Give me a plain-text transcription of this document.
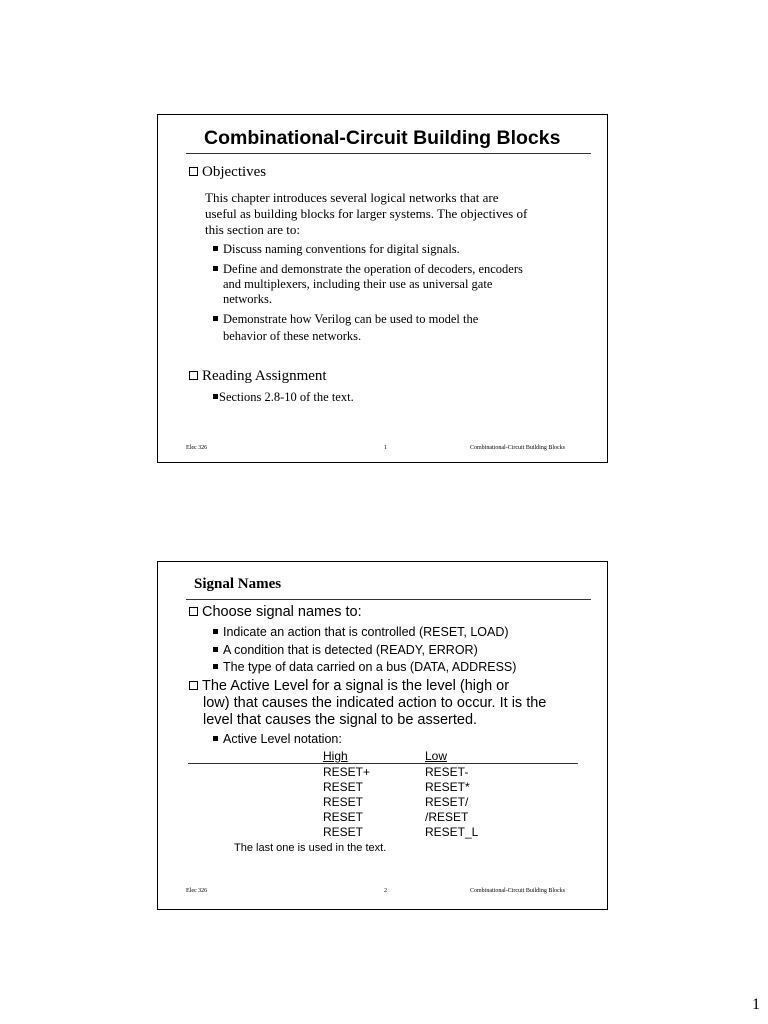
Combinational-Circuit Building Blocks
Objectives
This chapter introduces several logical networks that are
useful as building blocks for larger systems. The objectives of
this section are to:
Discuss naming conventions for digital signals.
Define and demonstrate the operation of decoders, encoders
and multiplexers, including their use as universal gate
networks.
Demonstrate how Verilog can be used to model the
behavior of these networks.
Reading Assignment
Sections 2.8-10 of the text.
Elec 326	1	Combinational-Circuit Building Blocks
Signal Names
Choose signal names to:
Indicate an action that is controlled (RESET, LOAD)
A condition that is detected (READY, ERROR)
The type of data carried on a bus (DATA, ADDRESS)
The Active Level for a signal is the level (high or
low) that causes the indicated action to occur. It is the
level that causes the signal to be asserted.
Active Level notation:
High	Low
RESET+	RESET-
RESET	RESET*
RESET	RESET/
RESET	/RESET
RESET	RESET_L
The last one is used in the text.
Elec 326	2	Combinational-Circuit Building Blocks
1
